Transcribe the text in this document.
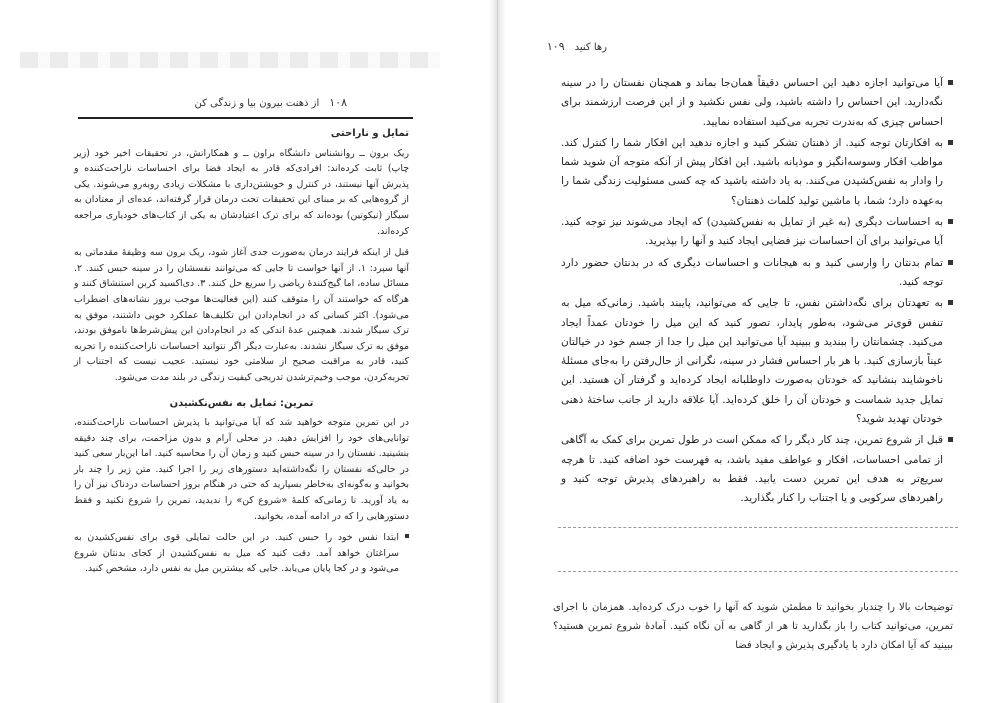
۱۰۸
از ذهنت بیرون بیا و زندگی کن
تمایل و ناراحتی

ریک برون ــ روانشناس دانشگاه براون ــ و همکارانش، در تحقیقات اخیر خود (زیر چاپ) ثابت کرده‌اند: افرادی‌که قادر به ایجاد فضا برای احساسات ناراحت‌کننده و پذیرش آنها نیستند، در کنترل و خویشتن‌داری با مشکلات زیادی روبه‌رو می‌شوند. یکی از گروه‌هایی که بر مبنای این تحقیقات تحت درمان قرار گرفته‌اند، عده‌ای از معتادان به سیگار (نیکوتین) بوده‌اند که برای ترک اعتیادشان به یکی از کتاب‌های خودیاری مراجعه کرده‌اند.

قبل از اینکه فرایند درمان به‌صورت جدی آغاز شود، ریک برون سه وظیفهٔ مقدماتی به آنها سپرد: ۱. از آنها خواست تا جایی که می‌توانند نفسشان را در سینه حبس کنند. ۲. مسائل ساده، اما گیج‌کنندهٔ ریاضی را سریع حل کنند. ۳. دی‌اکسید کربن استنشاق کنند و هرگاه که خواستند آن را متوقف کنند (این فعالیت‌ها موجب بروز نشانه‌های اضطراب می‌شود). اکثر کسانی که در انجام‌دادن این تکلیف‌ها عملکرد خوبی داشتند، موفق به ترک سیگار شدند. همچنین عدهٔ اندکی که در انجام‌دادن این پیش‌شرط‌ها ناموفق بودند، موفق به ترک سیگار نشدند. به‌عبارت دیگر اگر نتوانید احساسات ناراحت‌کننده را تجربه کنید، قادر به مراقبت صحیح از سلامتی خود نیستید. عجیب نیست که اجتناب از تجربه‌کردن، موجب وخیم‌ترشدن تدریجی کیفیت زندگی در بلند مدت می‌شود.

تمرین: تمایل به نفس‌نکشیدن

در این تمرین متوجه خواهید شد که آیا می‌توانید با پذیرش احساسات ناراحت‌کننده، توانایی‌های خود را افزایش دهید. در محلی آرام و بدون مزاحمت، برای چند دقیقه بنشینید. نفستان را در سینه حبس کنید و زمان آن را محاسبه کنید. اما این‌بار سعی کنید در حالی‌که نفستان را نگه‌داشته‌اید دستورهای زیر را اجرا کنید. متن زیر را چند بار بخوانید و به‌گونه‌ای به‌خاطر بسپارید که حتی در هنگام بروز احساسات دردناک نیز آن را به یاد آورید. تا زمانی‌که کلمهٔ «شروع کن» را ندیدید، تمرین را شروع نکنید و فقط دستورهایی را که در ادامه آمده، بخوانید.

ابتدا نفس خود را حبس کنید. در این حالت تمایلی قوی برای نفس‌کشیدن به سراغتان خواهد آمد. دقت کنید که میل به نفس‌کشیدن از کجای بدنتان شروع می‌شود و در کجا پایان می‌یابد. جایی که بیشترین میل به نفس دارد، مشخص کنید.
رها کنید
۱۰۹
آیا می‌توانید اجازه دهید این احساس دقیقاً همان‌جا بماند و همچنان نفستان را در سینه نگه‌دارید. این احساس را داشته باشید، ولی نفس نکشید و از این فرصت ارزشمند برای احساس چیزی که به‌ندرت تجربه می‌کنید استفاده نمایید.
به افکارتان توجه کنید. از ذهنتان تشکر کنید و اجازه ندهید این افکار شما را کنترل کند. مواظب افکار وسوسه‌انگیز و موذیانه باشید. این افکار پیش از آنکه متوجه آن شوید شما را وادار به نفس‌کشیدن می‌کنند. به یاد داشته باشید که چه کسی مسئولیت زندگی شما را به‌عهده دارد؛ شما، یا ماشین تولید کلمات ذهنتان؟
به احساسات دیگری (به غیر از تمایل به نفس‌کشیدن) که ایجاد می‌شوند نیز توجه کنید. آیا می‌توانید برای آن احساسات نیز فضایی ایجاد کنید و آنها را بپذیرید.
تمام بدنتان را وارسی کنید و به هیجانات و احساسات دیگری که در بدنتان حضور دارد توجه کنید.
به تعهدتان برای نگه‌داشتن نفس، تا جایی که می‌توانید، پایبند باشید. زمانی‌که میل به تنفس قوی‌تر می‌شود، به‌طور پایدار، تصور کنید که این میل را خودتان عمداً ایجاد می‌کنید. چشمانتان را ببندید و ببینید آیا می‌توانید این میل را جدا از جسم خود در خیالتان عیناً بازسازی کنید. با هر بار احساس فشار در سینه، نگرانی از حال‌رفتن را به‌جای مسئلهٔ ناخوشایند بنشانید که خودتان به‌صورت داوطلبانه ایجاد کرده‌اید و گرفتار آن هستید. این تمایل جدید شماست و خودتان آن را خلق کرده‌اید. آیا علاقه دارید از جانب ساختهٔ ذهنی خودتان تهدید شوید؟
قبل از شروع تمرین، چند کار دیگر را که ممکن است در طول تمرین برای کمک به آگاهی از تمامی احساسات، افکار و عواطف مفید باشد، به فهرست خود اضافه کنید. تا هرچه سریع‌تر به هدف این تمرین دست یابید. فقط به راهبردهای پذیرش توجه کنید و راهبردهای سرکوبی و یا اجتناب را کنار بگذارید.
توضیحات بالا را چندبار بخوانید تا مطمئن شوید که آنها را خوب درک کرده‌اید. همزمان با اجرای تمرین، می‌توانید کتاب را باز بگذارید تا هر از گاهی به آن نگاه کنید. آمادهٔ شروع تمرین هستید؟ ببینید که آیا امکان دارد با یادگیری پذیرش و ایجاد فضا
